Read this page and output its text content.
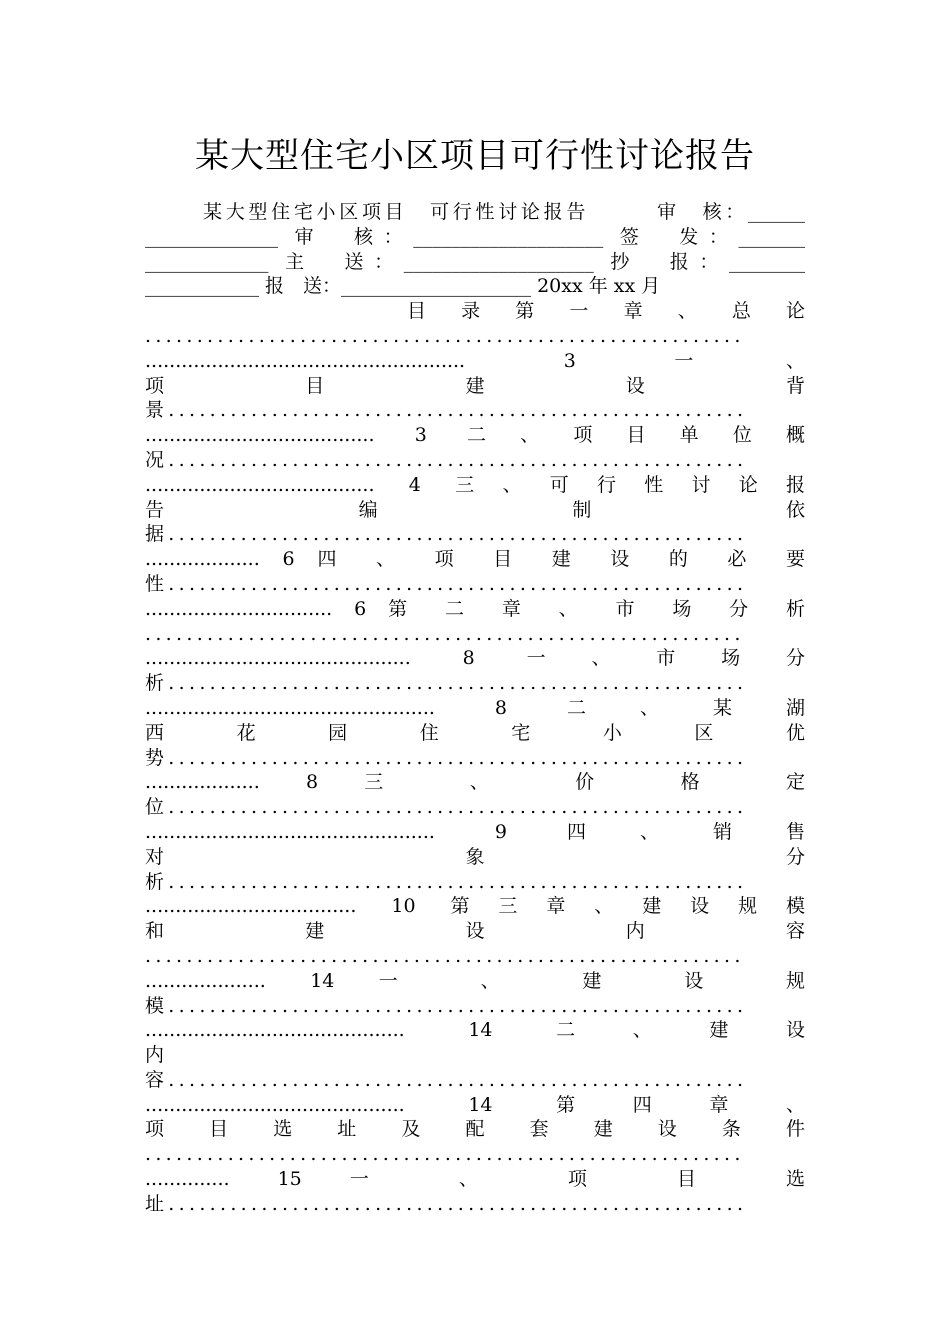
某大型住宅小区项目可行性讨论报告
某大型住宅小区项目　可行性讨论报告　　　审　核：______
______________ 审　核：____________________ 签　发：_______
_____________ 主　送：____________________ 抄　报：________
____________ 报　送：____________________ 20xx 年 xx 月
目 录 第 一 章 、 总 论
..........................................................
..................................................... 3 一、
项 目 建 设 背
景........................................................
...................................... 3 二、项目单位概
况........................................................
...................................... 4 三、可行性讨论报
告 编 制 依
据........................................................
................... 6 四 、 项 目 建 设 的 必 要
性........................................................
............................... 6 第 二 章 、 市 场 分 析
..........................................................
............................................ 8 一、市场分
析........................................................
................................................ 8 二、某湖
西 花 园 住 宅 小 区 优
势........................................................
................... 8 三 、 价 格 定
位........................................................
................................................ 9 四、销售
对 象 分
析........................................................
................................... 10 第三章、建设规模
和 建 设 内 容
..........................................................
.................... 14 一 、 建 设 规
模........................................................
........................................... 14 二、建设
内
容........................................................
........................................... 14 第四章、
项 目 选 址 及 配 套 建 设 条 件
..........................................................
.............. 15 一 、 项 目 选
址........................................................
